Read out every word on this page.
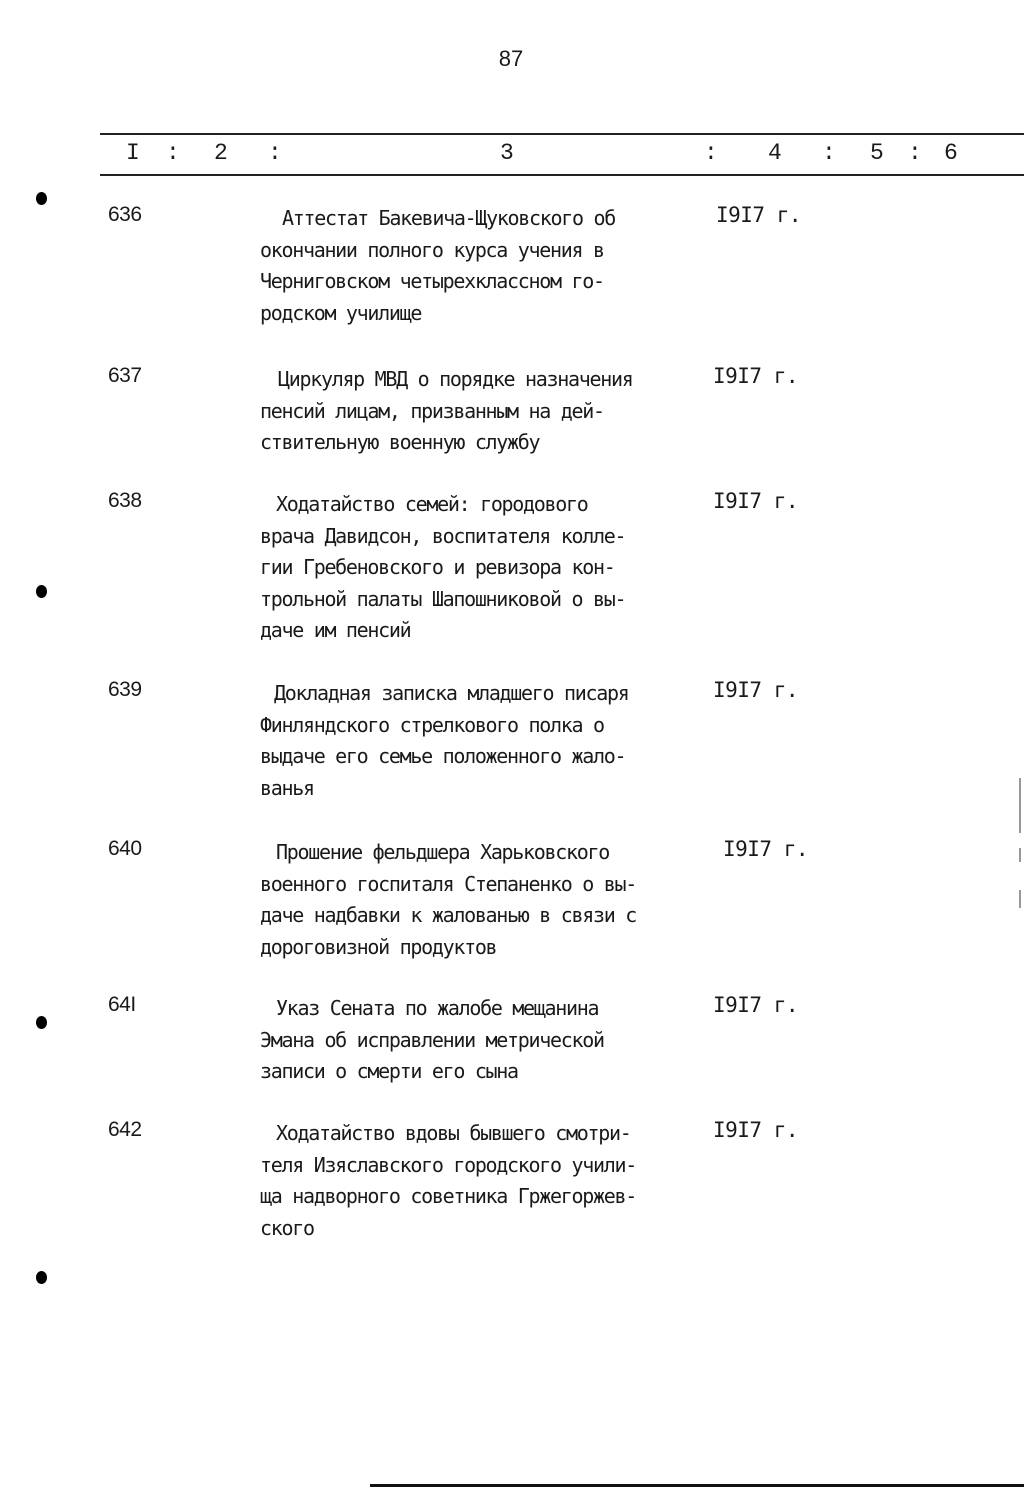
87
I : 2 :	3	: 4 : 5 : 6
636	Аттестат Бакевича-Щуковского об
окончании полного курса учения в
Черниговском четырехклассном го-
родском училище
I9I7 г.
637	Циркуляр МВД о порядке назначения
пенсий лицам, призванным на дей-
ствительную военную службу
I9I7 г.
638	Ходатайство семей: городового
врача Давидсон, воспитателя колле-
гии Гребеновского и ревизора кон-
трольной палаты Шапошниковой о вы-
даче им пенсий
I9I7 г.
639	Докладная записка младшего писаря
Финляндского стрелкового полка о
выдаче его семье положенного жало-
ванья
I9I7 г.
640	Прошение фельдшера Харьковского
военного госпиталя Степаненко о вы-
даче надбавки к жалованью в связи с
дороговизной продуктов
I9I7 г.
64I	Указ Сената по жалобе мещанина
Эмана об исправлении метрической
записи о смерти его сына
I9I7 г.
642	Ходатайство вдовы бывшего смотри-
теля Изяславского городского учили-
ща надворного советника Гржегоржев-
ского
I9I7 г.
